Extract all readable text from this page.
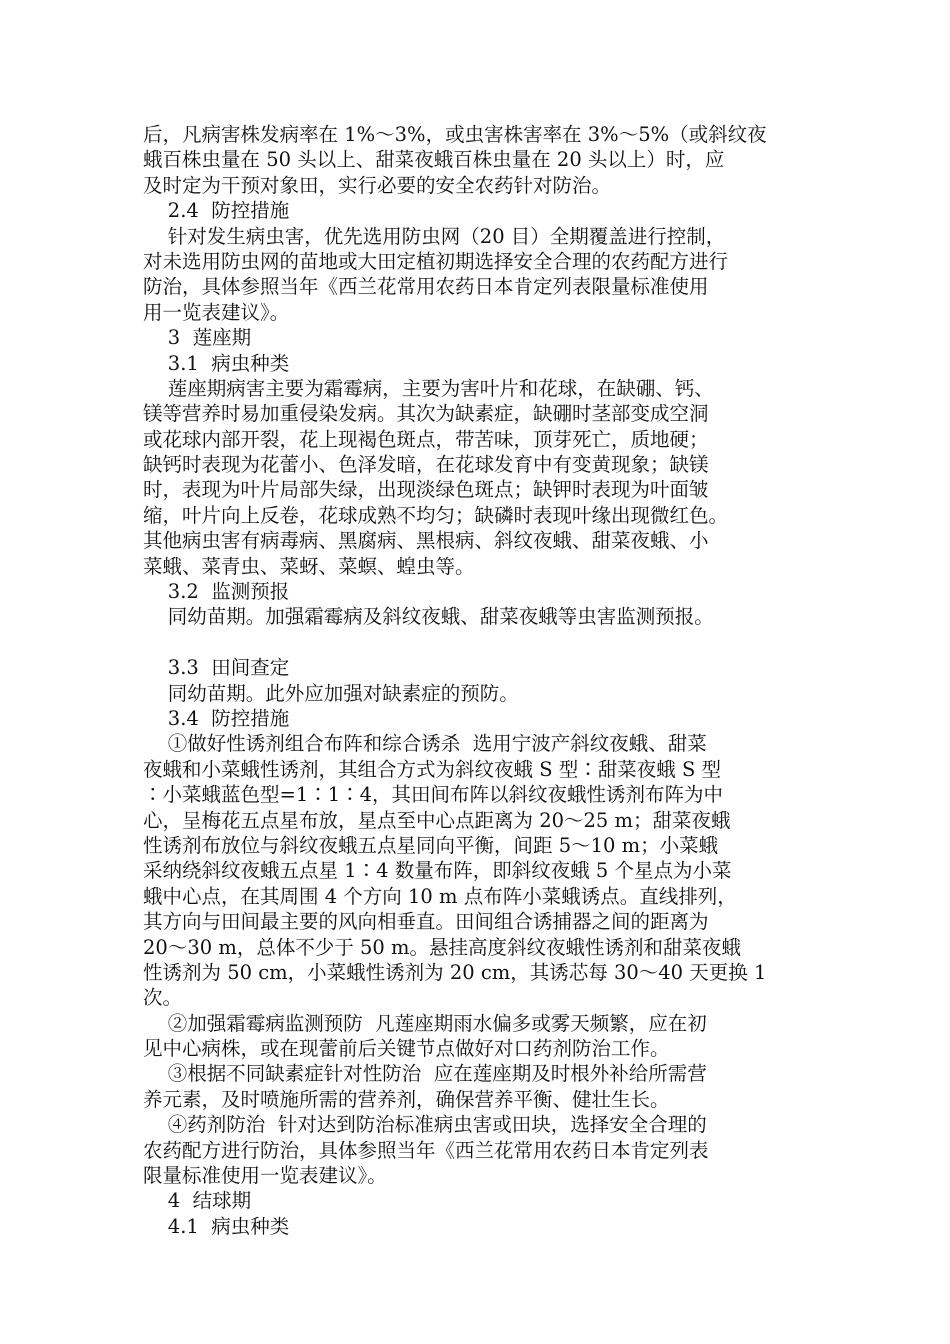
后，凡病害株发病率在 1%～3%，或虫害株害率在 3%～5%（或斜纹夜
蛾百株虫量在 50 头以上、甜菜夜蛾百株虫量在 20 头以上）时，应
及时定为干预对象田，实行必要的安全农药针对防治。
2.4  防控措施
针对发生病虫害，优先选用防虫网（20 目）全期覆盖进行控制，
对未选用防虫网的苗地或大田定植初期选择安全合理的农药配方进行
防治，具体参照当年《西兰花常用农药日本肯定列表限量标准使用
用一览表建议》。
3  莲座期
3.1  病虫种类
莲座期病害主要为霜霉病，主要为害叶片和花球，在缺硼、钙、
镁等营养时易加重侵染发病。其次为缺素症，缺硼时茎部变成空洞
或花球内部开裂，花上现褐色斑点，带苦味，顶芽死亡，质地硬；
缺钙时表现为花蕾小、色泽发暗，在花球发育中有变黄现象；缺镁
时，表现为叶片局部失绿，出现淡绿色斑点；缺钾时表现为叶面皱
缩，叶片向上反卷，花球成熟不均匀；缺磷时表现叶缘出现微红色。
其他病虫害有病毒病、黑腐病、黑根病、斜纹夜蛾、甜菜夜蛾、小
菜蛾、菜青虫、菜蚜、菜螟、蝗虫等。
3.2  监测预报
同幼苗期。加强霜霉病及斜纹夜蛾、甜菜夜蛾等虫害监测预报。
3.3  田间查定
同幼苗期。此外应加强对缺素症的预防。
3.4  防控措施
①做好性诱剂组合布阵和综合诱杀  选用宁波产斜纹夜蛾、甜菜
夜蛾和小菜蛾性诱剂，其组合方式为斜纹夜蛾 S 型∶甜菜夜蛾 S 型
∶小菜蛾蓝色型=1∶1∶4，其田间布阵以斜纹夜蛾性诱剂布阵为中
心，呈梅花五点星布放，星点至中心点距离为 20～25 m；甜菜夜蛾
性诱剂布放位与斜纹夜蛾五点星同向平衡，间距 5～10 m；小菜蛾
采纳绕斜纹夜蛾五点星 1∶4 数量布阵，即斜纹夜蛾 5 个星点为小菜
蛾中心点，在其周围 4 个方向 10 m 点布阵小菜蛾诱点。直线排列，
其方向与田间最主要的风向相垂直。田间组合诱捕器之间的距离为
20～30 m，总体不少于 50 m。悬挂高度斜纹夜蛾性诱剂和甜菜夜蛾
性诱剂为 50 cm，小菜蛾性诱剂为 20 cm，其诱芯每 30～40 天更换 1
次。
②加强霜霉病监测预防  凡莲座期雨水偏多或雾天频繁，应在初
见中心病株，或在现蕾前后关键节点做好对口药剂防治工作。
③根据不同缺素症针对性防治  应在莲座期及时根外补给所需营
养元素，及时喷施所需的营养剂，确保营养平衡、健壮生长。
④药剂防治  针对达到防治标准病虫害或田块，选择安全合理的
农药配方进行防治，具体参照当年《西兰花常用农药日本肯定列表
限量标准使用一览表建议》。
4  结球期
4.1  病虫种类
